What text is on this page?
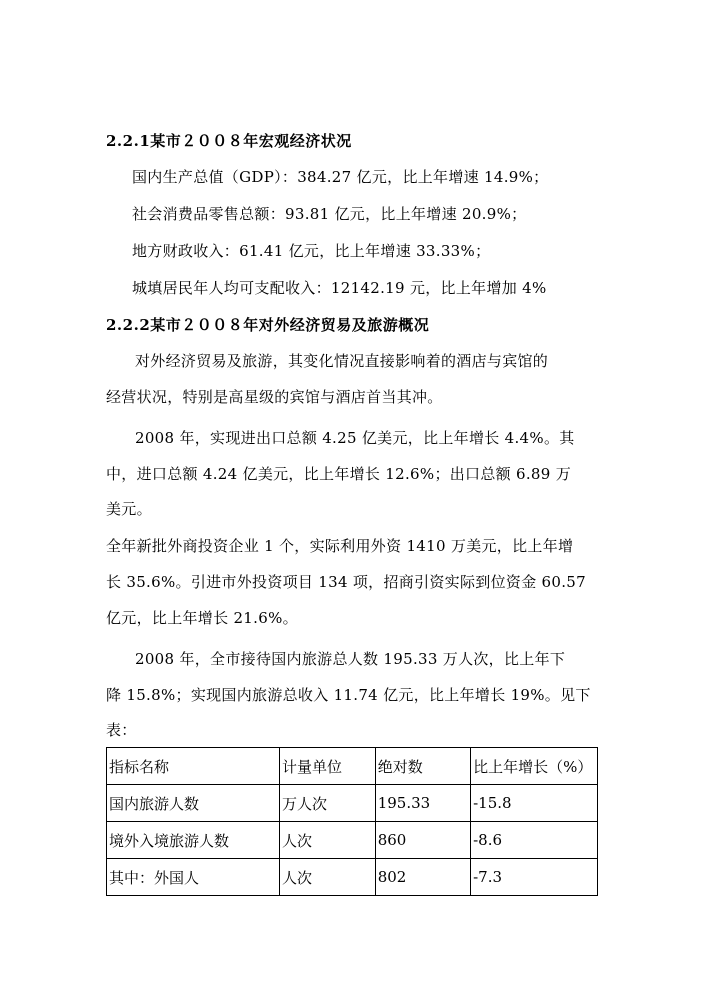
2.2.1某市２００８年宏观经济状况
国内生产总值（GDP）：384.27 亿元，比上年增速 14.9%；
社会消费品零售总额：93.81 亿元，比上年增速 20.9%；
地方财政收入：61.41 亿元，比上年增速 33.33%；
城填居民年人均可支配收入：12142.19 元，比上年增加 4%
2.2.2某市２００８年对外经济贸易及旅游概况
对外经济贸易及旅游，其变化情况直接影响着的酒店与宾馆的
经营状况，特别是高星级的宾馆与酒店首当其冲。
2008 年，实现进出口总额 4.25 亿美元，比上年增长 4.4%。其
中，进口总额 4.24 亿美元，比上年增长 12.6%；出口总额 6.89 万
美元。
全年新批外商投资企业 1 个，实际利用外资 1410 万美元，比上年增
长 35.6%。引进市外投资项目 134 项，招商引资实际到位资金 60.57
亿元，比上年增长 21.6%。
2008 年，全市接待国内旅游总人数 195.33 万人次，比上年下
降 15.8%；实现国内旅游总收入 11.74 亿元，比上年增长 19%。见下
表：
指标名称	计量单位	绝对数	比上年增长（%）
国内旅游人数	万人次	195.33	-15.8
境外入境旅游人数	人次	860	-8.6
其中：外国人	人次	802	-7.3
